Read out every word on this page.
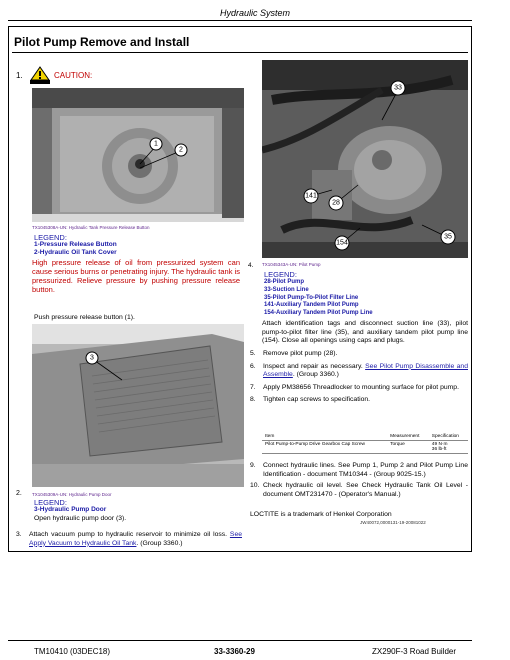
Hydraulic System
Pilot Pump Remove and Install
1.	CAUTION:
1
2
TX1045308A-UN: Hydraulic Tank Pressure Release Button
LEGEND:
1-Pressure Release Button
2-Hydraulic Oil Tank Cover
High pressure release of oil from pressurized system can cause serious burns or penetrating injury. The hydraulic tank is pressurized. Relieve pressure by pushing pressure release button.
Push pressure release button (1).
3
2. TX1045309A-UN: Hydraulic Pump Door
LEGEND:
3-Hydraulic Pump Door
Open hydraulic pump door (3).
3.	Attach vacuum pump to hydraulic reservoir to minimize oil loss. See Apply Vacuum to Hydraulic Oil Tank. (Group 3360.)
33
141
28
154
35
4. TX1045343A-UN: Pilot Pump
LEGEND:
28-Pilot Pump
33-Suction Line
35-Pilot Pump-To-Pilot Filter Line
141-Auxiliary Tandem Pilot Pump
154-Auxiliary Tandem Pilot Pump Line
Attach identification tags and disconnect suction line (33), pilot pump-to-pilot filter line (35), and auxiliary tandem pilot pump line (154). Close all openings using caps and plugs.
5.	Remove pilot pump (28).
6.	Inspect and repair as necessary. See Pilot Pump Disassemble and Assemble. (Group 3360.)
7.	Apply PM38656 Threadlocker to mounting surface for pilot pump.
8.	Tighten cap screws to specification.
Item	Measurement	Specification
Pilot Pump-to-Pump Drive Gearbox Cap Screw	Torque	49 N·m
36 lb-ft
9.	Connect hydraulic lines. See Pump 1, Pump 2 and Pilot Pump Line Identification - document TM10344 - (Group 9025-15.)
10. Check hydraulic oil level. See Check Hydraulic Tank Oil Level - document OMT231470 - (Operator's Manual.)
LOCTITE is a trademark of Henkel Corporation
JW40072,0000131-19-20081022
TM10410 (03DEC18)	33-3360-29	ZX290F-3 Road Builder
